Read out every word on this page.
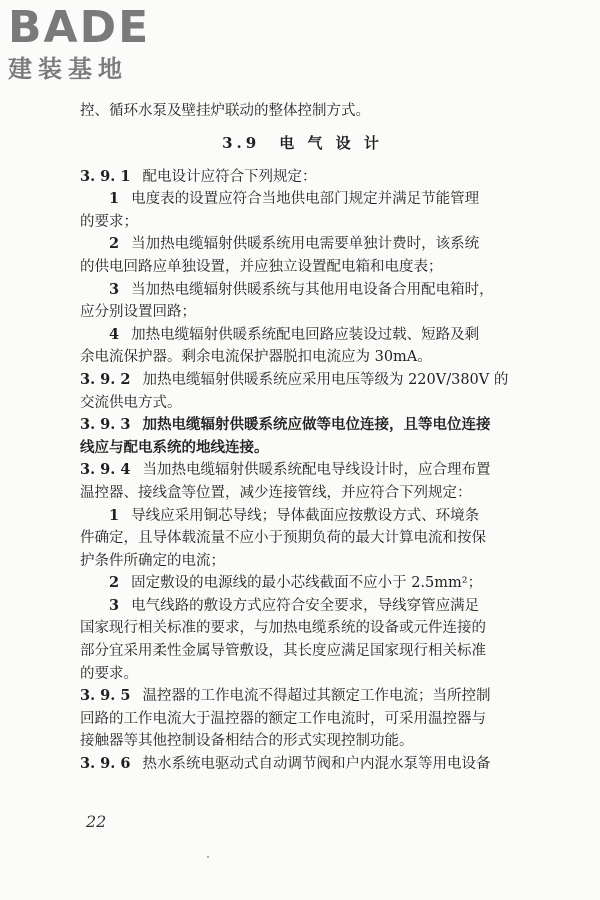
BADE
建装基地
控、循环水泵及壁挂炉联动的整体控制方式。
3.9　电 气 设 计
3. 9. 1 配电设计应符合下列规定：
1 电度表的设置应符合当地供电部门规定并满足节能管理
的要求；
2 当加热电缆辐射供暖系统用电需要单独计费时，该系统
的供电回路应单独设置，并应独立设置配电箱和电度表；
3 当加热电缆辐射供暖系统与其他用电设备合用配电箱时，
应分别设置回路；
4 加热电缆辐射供暖系统配电回路应装设过载、短路及剩
余电流保护器。剩余电流保护器脱扣电流应为 30mA。
3. 9. 2 加热电缆辐射供暖系统应采用电压等级为 220V/380V 的
交流供电方式。
3. 9. 3 加热电缆辐射供暖系统应做等电位连接，且等电位连接
线应与配电系统的地线连接。
3. 9. 4 当加热电缆辐射供暖系统配电导线设计时，应合理布置
温控器、接线盒等位置，减少连接管线，并应符合下列规定：
1 导线应采用铜芯导线；导体截面应按敷设方式、环境条
件确定，且导体载流量不应小于预期负荷的最大计算电流和按保
护条件所确定的电流；
2 固定敷设的电源线的最小芯线截面不应小于 2.5mm²；
3 电气线路的敷设方式应符合安全要求，导线穿管应满足
国家现行相关标准的要求，与加热电缆系统的设备或元件连接的
部分宜采用柔性金属导管敷设，其长度应满足国家现行相关标准
的要求。
3. 9. 5 温控器的工作电流不得超过其额定工作电流；当所控制
回路的工作电流大于温控器的额定工作电流时，可采用温控器与
接触器等其他控制设备相结合的形式实现控制功能。
3. 9. 6 热水系统电驱动式自动调节阀和户内混水泵等用电设备
22
